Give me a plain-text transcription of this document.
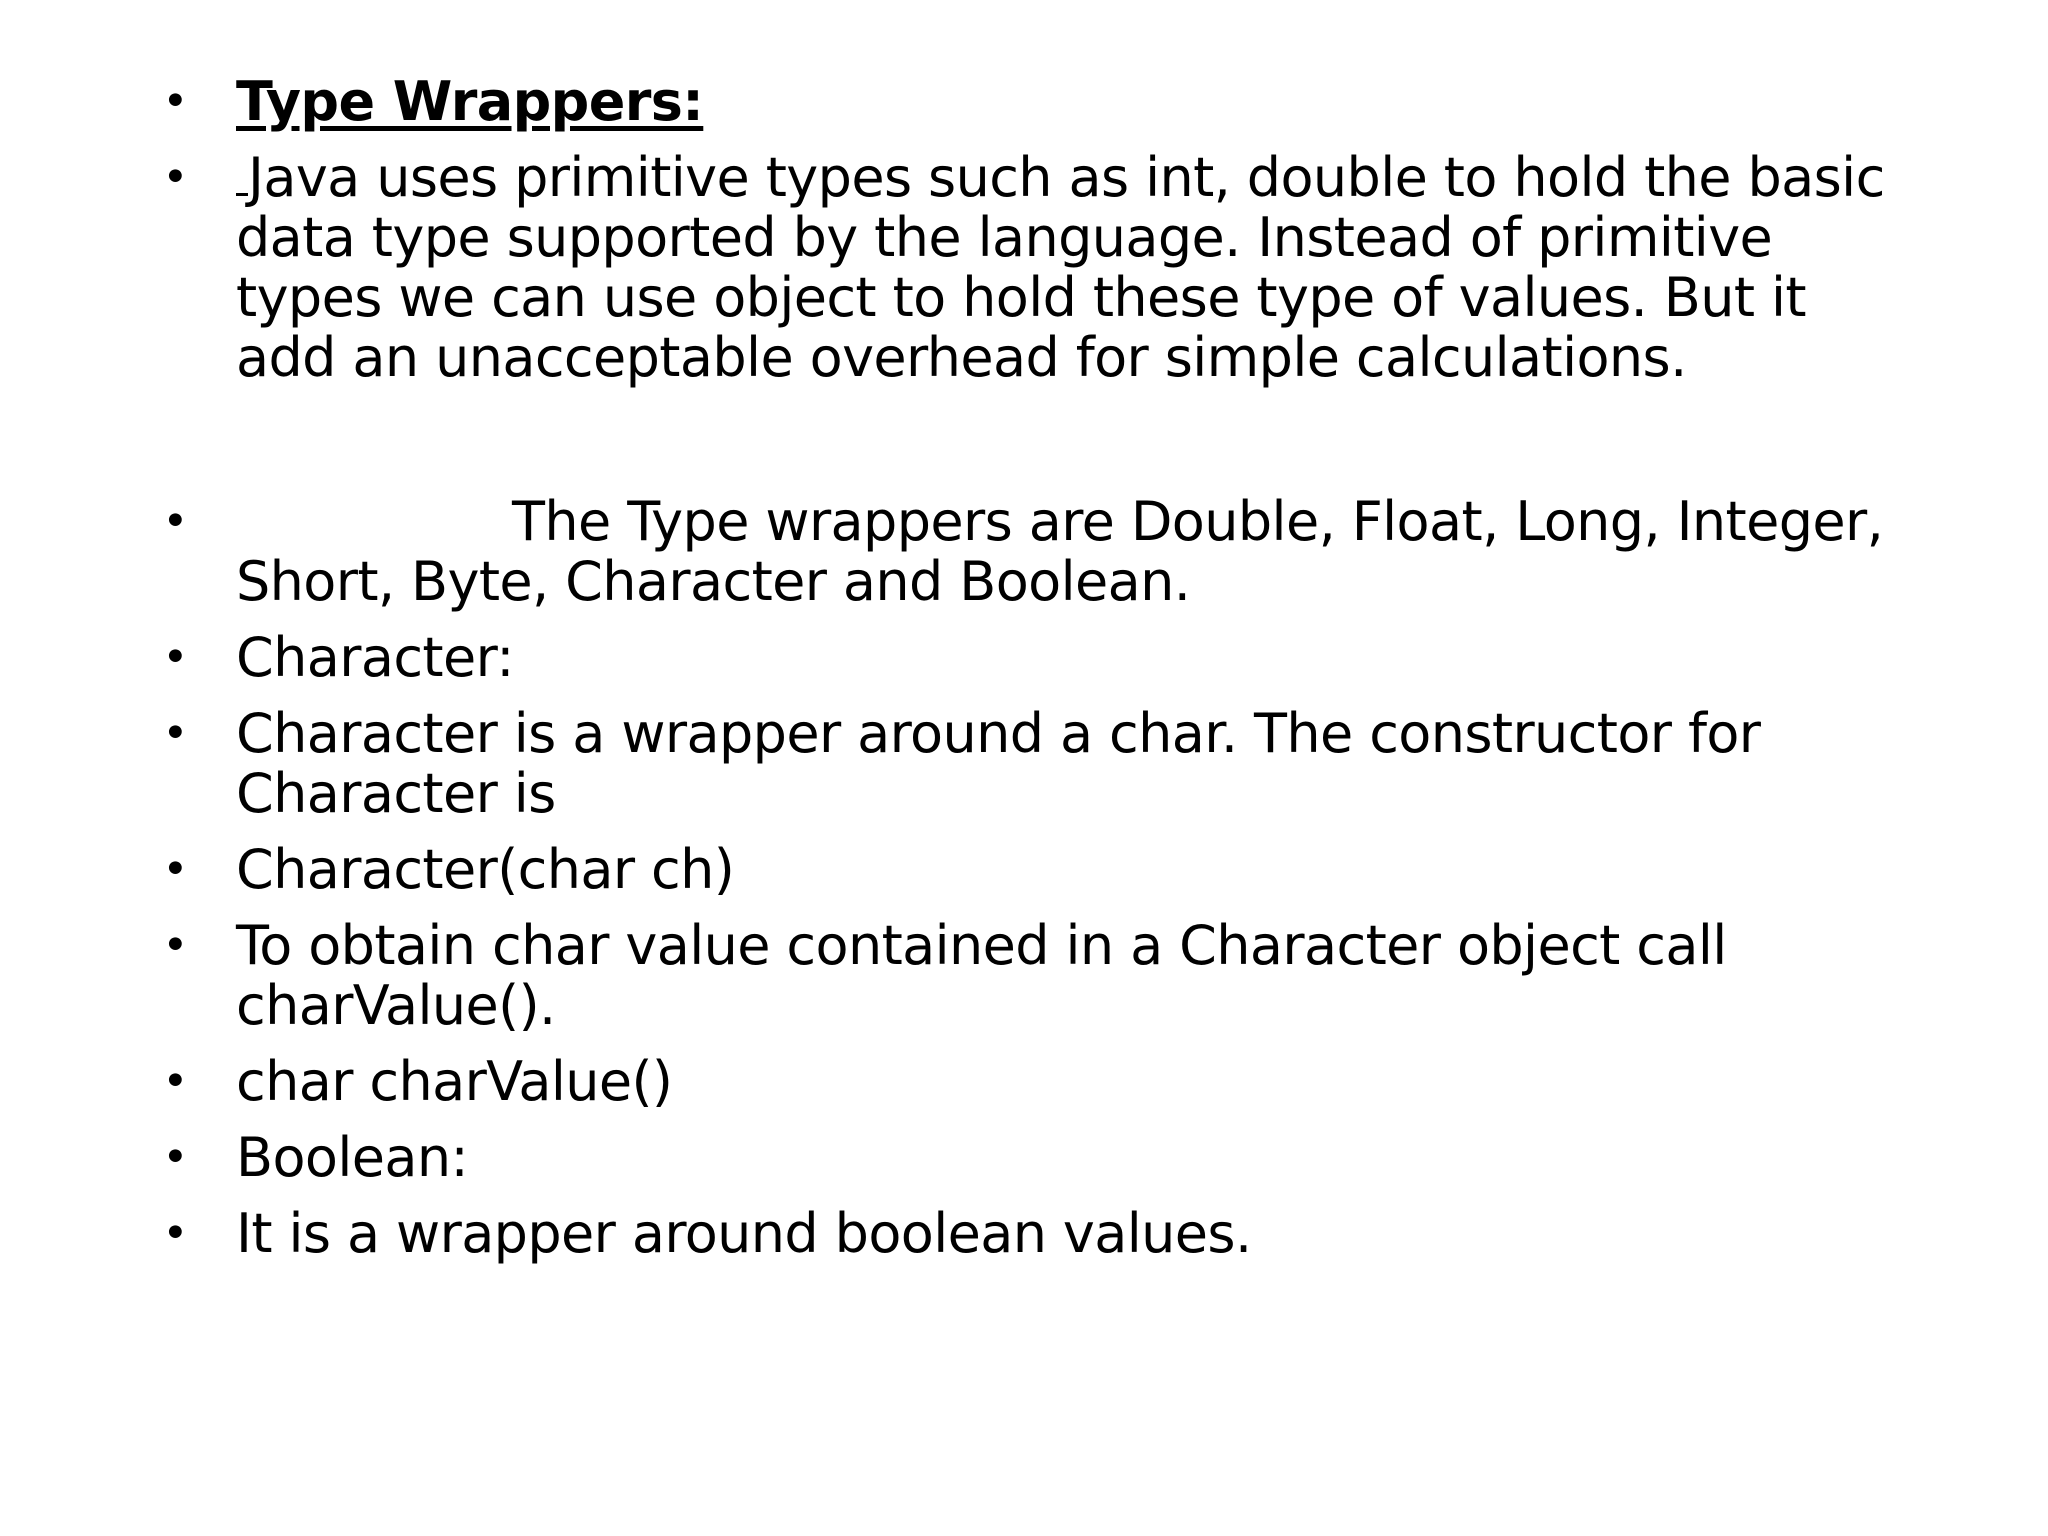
• Type Wrappers:
• Java uses primitive types such as int, double to hold the basic data type supported by the language. Instead of primitive types we can use object to hold these type of values. But it add an unacceptable overhead for simple calculations.
•	The Type wrappers are Double, Float, Long, Integer, Short, Byte, Character and Boolean.
• Character:
• Character is a wrapper around a char. The constructor for Character is
• Character(char ch)
• To obtain char value contained in a Character object call charValue().
• char charValue()
• Boolean:
• It is a wrapper around boolean values.
